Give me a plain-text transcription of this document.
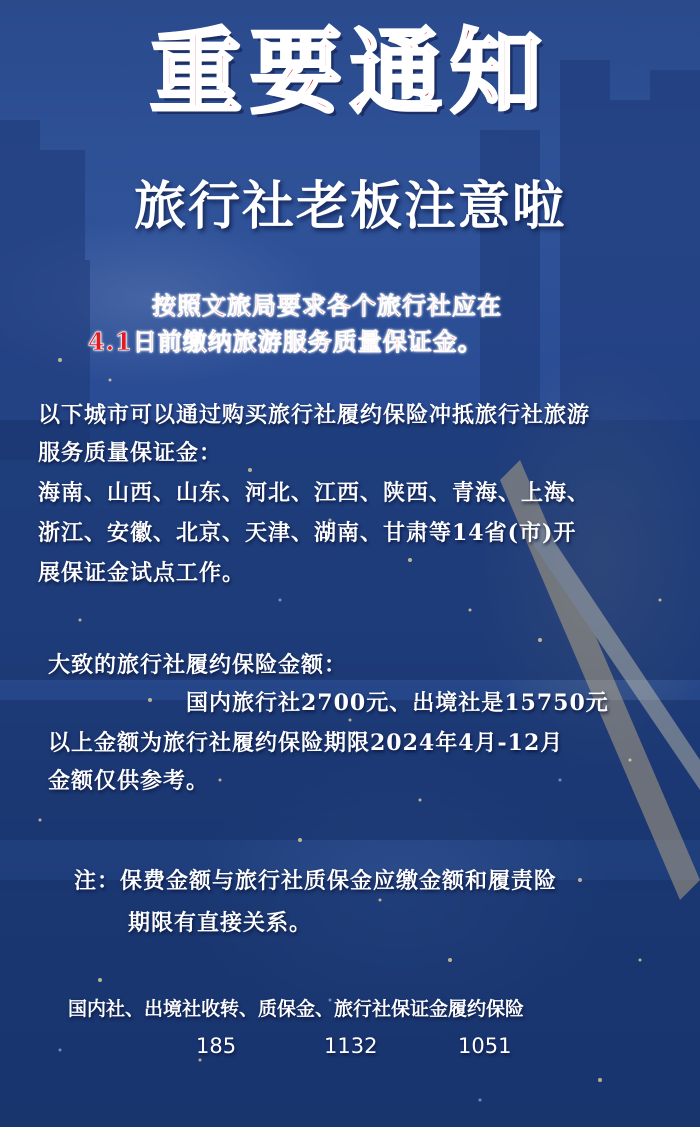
重要通知
旅行社老板注意啦
按照文旅局要求各个旅行社应在
4.1日前缴纳旅游服务质量保证金。
以下城市可以通过购买旅行社履约保险冲抵旅行社旅游
服务质量保证金：
海南、山西、山东、河北、江西、陕西、青海、上海、
浙江、安徽、北京、天津、湖南、甘肃等14省(市)开
展保证金试点工作。
大致的旅行社履约保险金额：
国内旅行社2700元、出境社是15750元
以上金额为旅行社履约保险期限2024年4月-12月
金额仅供参考。
注：保费金额与旅行社质保金应缴金额和履责险
期限有直接关系。
国内社、出境社收转、质保金、旅行社保证金履约保险
185	1132	1051
